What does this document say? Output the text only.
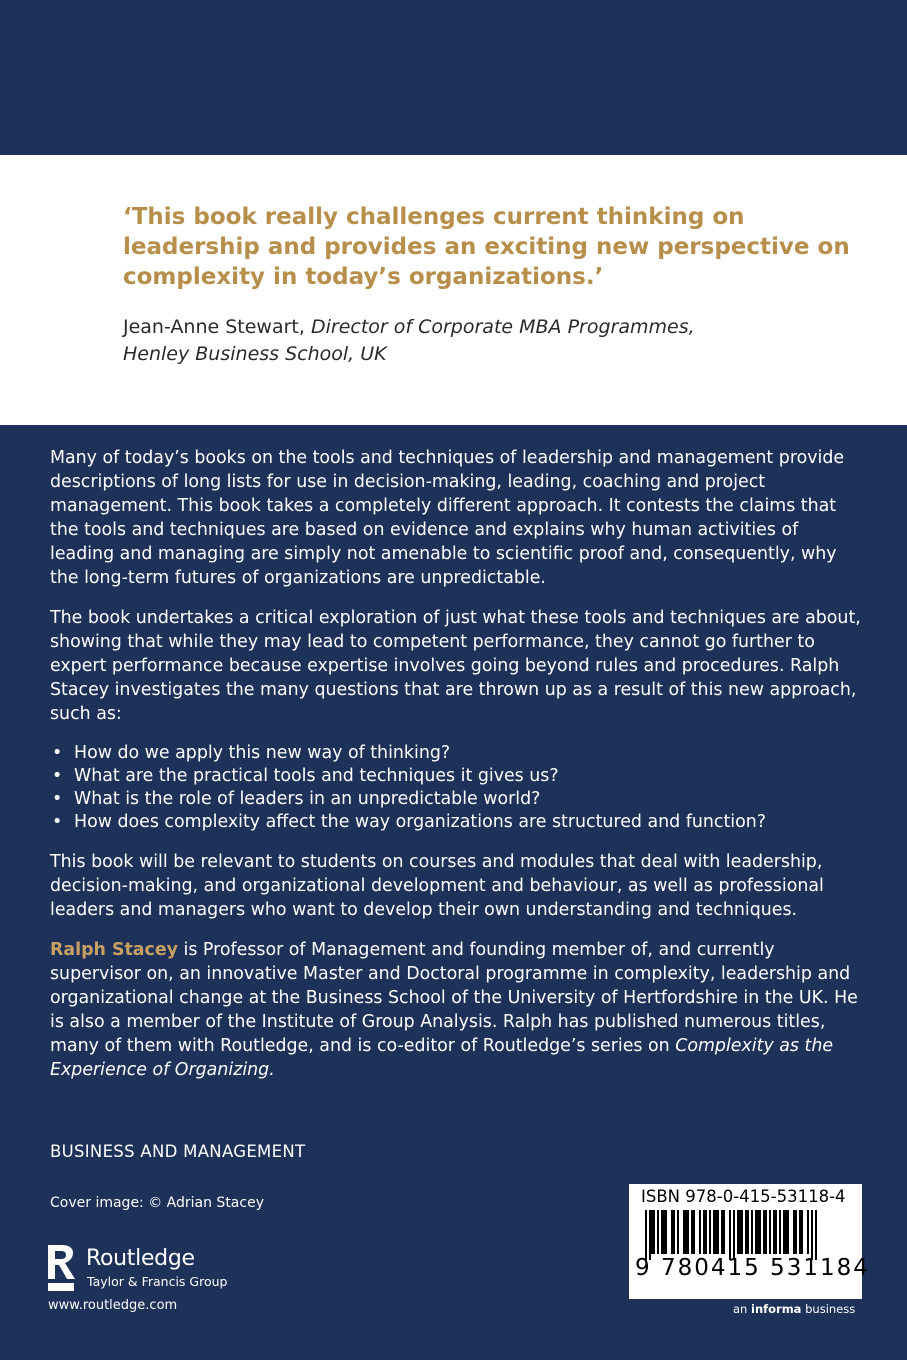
‘This book really challenges current thinking on leadership and provides an exciting new perspective on complexity in today’s organizations.’

Jean-Anne Stewart, Director of Corporate MBA Programmes,
Henley Business School, UK

Many of today’s books on the tools and techniques of leadership and management provide descriptions of long lists for use in decision-making, leading, coaching and project management. This book takes a completely different approach. It contests the claims that the tools and techniques are based on evidence and explains why human activities of leading and managing are simply not amenable to scientific proof and, consequently, why the long-term futures of organizations are unpredictable.

The book undertakes a critical exploration of just what these tools and techniques are about, showing that while they may lead to competent performance, they cannot go further to expert performance because expertise involves going beyond rules and procedures. Ralph Stacey investigates the many questions that are thrown up as a result of this new approach, such as:

• How do we apply this new way of thinking?
• What are the practical tools and techniques it gives us?
• What is the role of leaders in an unpredictable world?
• How does complexity affect the way organizations are structured and function?

This book will be relevant to students on courses and modules that deal with leadership, decision-making, and organizational development and behaviour, as well as professional leaders and managers who want to develop their own understanding and techniques.

Ralph Stacey is Professor of Management and founding member of, and currently supervisor on, an innovative Master and Doctoral programme in complexity, leadership and organizational change at the Business School of the University of Hertfordshire in the UK. He is also a member of the Institute of Group Analysis. Ralph has published numerous titles, many of them with Routledge, and is co-editor of Routledge’s series on Complexity as the Experience of Organizing.

BUSINESS AND MANAGEMENT
Cover image: © Adrian Stacey
Routledge
Taylor & Francis Group
www.routledge.com
ISBN 978-0-415-53118-4
9 780415 531184
an informa business
